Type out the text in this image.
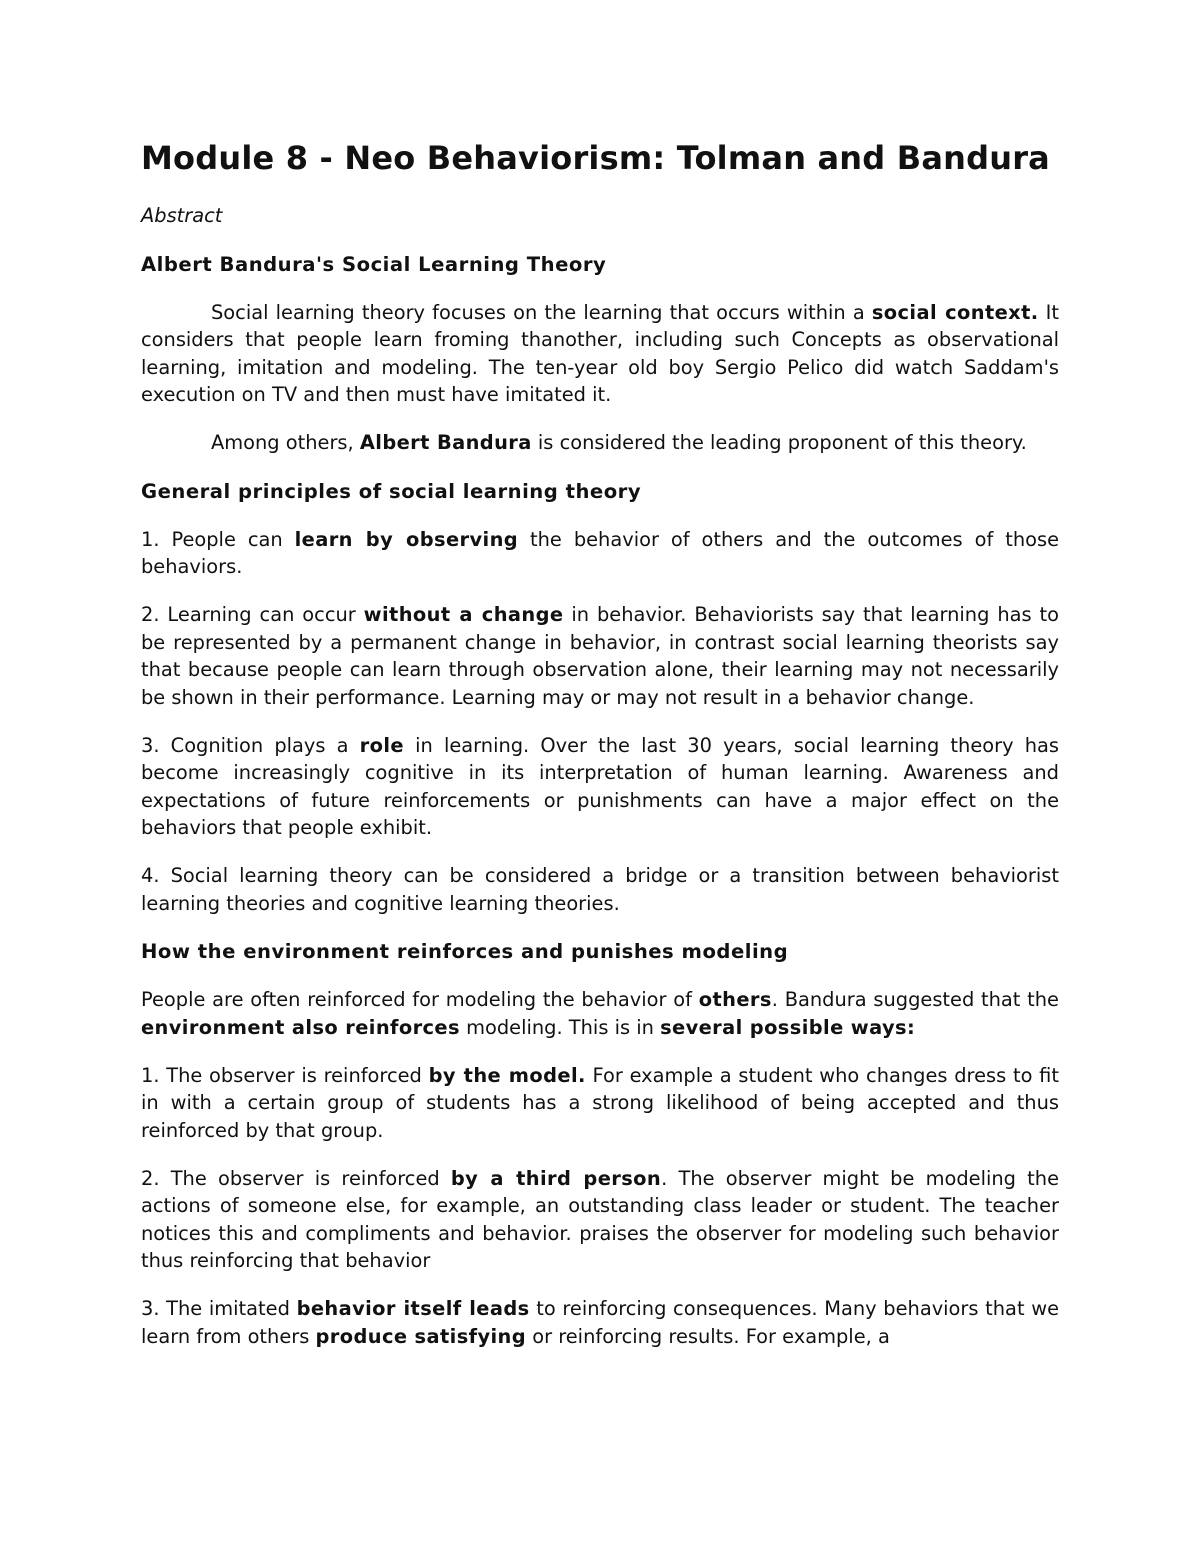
Module 8 - Neo Behaviorism: Tolman and Bandura
Abstract
Albert Bandura's Social Learning Theory

Social learning theory focuses on the learning that occurs within a social context. It considers that people learn froming thanother, including such Concepts as observational learning, imitation and modeling. The ten-year old boy Sergio Pelico did watch Saddam's execution on TV and then must have imitated it.

Among others, Albert Bandura is considered the leading proponent of this theory.

General principles of social learning theory

1. People can learn by observing the behavior of others and the outcomes of those behaviors.

2. Learning can occur without a change in behavior. Behaviorists say that learning has to be represented by a permanent change in behavior, in contrast social learning theorists say that because people can learn through observation alone, their learning may not necessarily be shown in their performance. Learning may or may not result in a behavior change.

3. Cognition plays a role in learning. Over the last 30 years, social learning theory has become increasingly cognitive in its interpretation of human learning. Awareness and expectations of future reinforcements or punishments can have a major effect on the behaviors that people exhibit.

4. Social learning theory can be considered a bridge or a transition between behaviorist learning theories and cognitive learning theories.

How the environment reinforces and punishes modeling

People are often reinforced for modeling the behavior of others. Bandura suggested that the environment also reinforces modeling. This is in several possible ways:

1. The observer is reinforced by the model. For example a student who changes dress to fit in with a certain group of students has a strong likelihood of being accepted and thus reinforced by that group.

2. The observer is reinforced by a third person. The observer might be modeling the actions of someone else, for example, an outstanding class leader or student. The teacher notices this and compliments and behavior. praises the observer for modeling such behavior thus reinforcing that behavior

3. The imitated behavior itself leads to reinforcing consequences. Many behaviors that we learn from others produce satisfying or reinforcing results. For example, a
